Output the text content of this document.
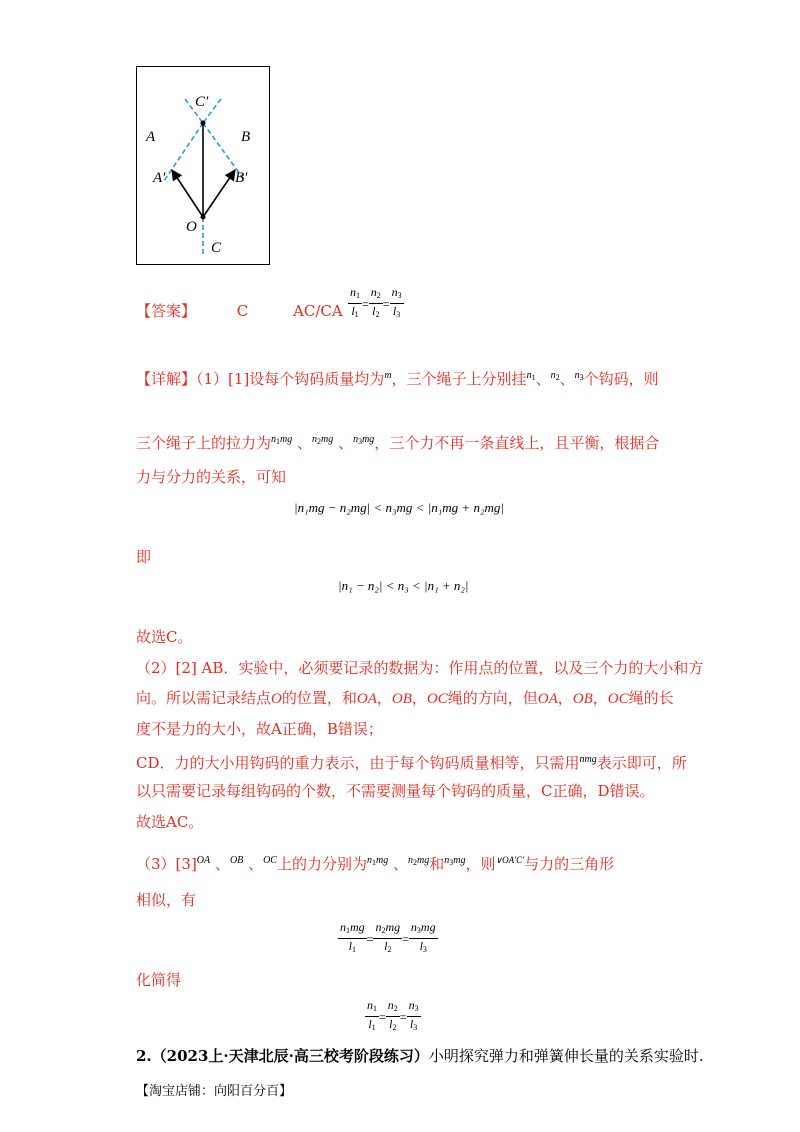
C′
A	B
A′	B′
O
C
【答案】	C	$AC/CA \frac{n_1}{l_1} = \frac{n_2}{l_2} = \frac{n_3}{l_3}$
【详解】（1）[1]设每个钩码质量均为$^m$，三个绳子上分别挂$^{n_1}$、$^{n_2}$、$^{n_3}$个钩码，则
三个绳子上的拉力为$^{n_1mg}$ 、$^{n_2mg}$ 、$^{n_3mg}$，三个力不再一条直线上，且平衡，根据合
力与分力的关系，可知
|n₁mg − n₂mg| < n₃mg < |n₁mg + n₂mg|
即
|n₁ − n₂| < n₃ < |n₁ + n₂|
故选C。
（2）[2] AB．实验中，必须要记录的数据为：作用点的位置，以及三个力的大小和方
向。所以需记录结点O的位置，和OA，OB，OC绳的方向，但OA，OB，OC绳的长
度不是力的大小，故A正确，B错误；
CD．力的大小用钩码的重力表示，由于每个钩码质量相等，只需用$^{nmg}$表示即可，所
以只需要记录每组钩码的个数，不需要测量每个钩码的质量，C正确，D错误。
故选AC。
$(3)[3]^{OA}$ 、$^{OB}$ 、$^{OC}$上的力分别为$^{n_1mg}$ 、$^{n_2mg}$和$^{n_3mg}$，则$^{\vee OA'C'}$与力的三角形
相似，有
$\frac{n_1mg}{l_1} = \frac{n_2mg}{l_2} = \frac{n_3mg}{l_3}$
化简得
$\frac{n_1}{l_1} = \frac{n_2}{l_2} = \frac{n_3}{l_3}$
2.（2023上·天津北辰·高三校考阶段练习）小明探究弹力和弹簧伸长量的关系实验时.
【淘宝店铺：向阳百分百】
